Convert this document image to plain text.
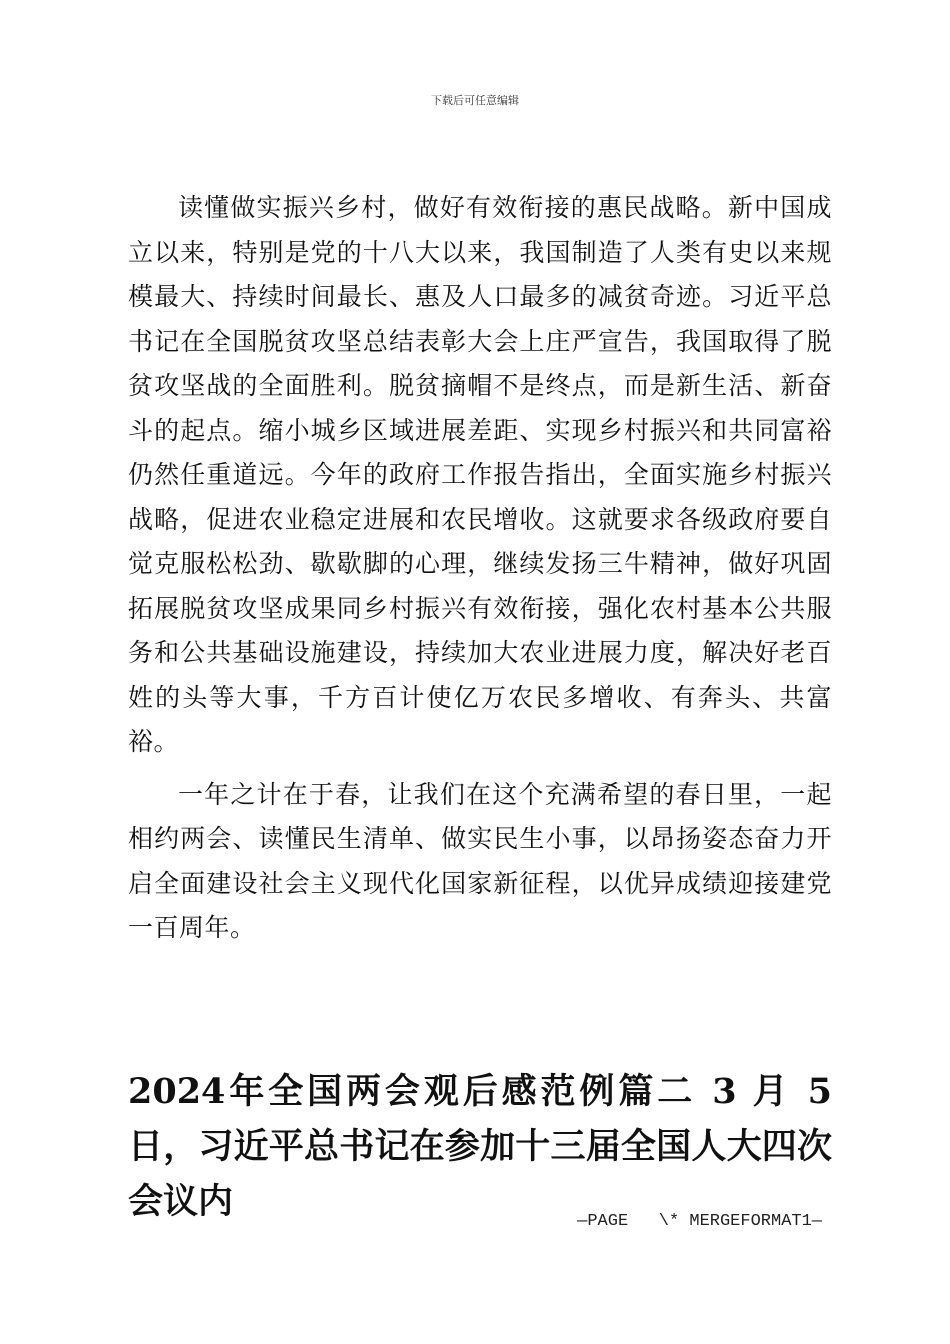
下载后可任意编辑

读懂做实振兴乡村，做好有效衔接的惠民战略。新中国成立以来，特别是党的十八大以来，我国制造了人类有史以来规模最大、持续时间最长、惠及人口最多的减贫奇迹。习近平总书记在全国脱贫攻坚总结表彰大会上庄严宣告，我国取得了脱贫攻坚战的全面胜利。脱贫摘帽不是终点，而是新生活、新奋斗的起点。缩小城乡区域进展差距、实现乡村振兴和共同富裕仍然任重道远。今年的政府工作报告指出，全面实施乡村振兴战略，促进农业稳定进展和农民增收。这就要求各级政府要自觉克服松松劲、歇歇脚的心理，继续发扬三牛精神，做好巩固拓展脱贫攻坚成果同乡村振兴有效衔接，强化农村基本公共服务和公共基础设施建设，持续加大农业进展力度，解决好老百姓的头等大事，千方百计使亿万农民多增收、有奔头、共富裕。

一年之计在于春，让我们在这个充满希望的春日里，一起相约两会、读懂民生清单、做实民生小事，以昂扬姿态奋力开启全面建设社会主义现代化国家新征程，以优异成绩迎接建党一百周年。

2024年全国两会观后感范例篇二 3 月 5 日，习近平总书记在参加十三届全国人大四次会议内	—PAGE   \* MERGEFORMAT1—
